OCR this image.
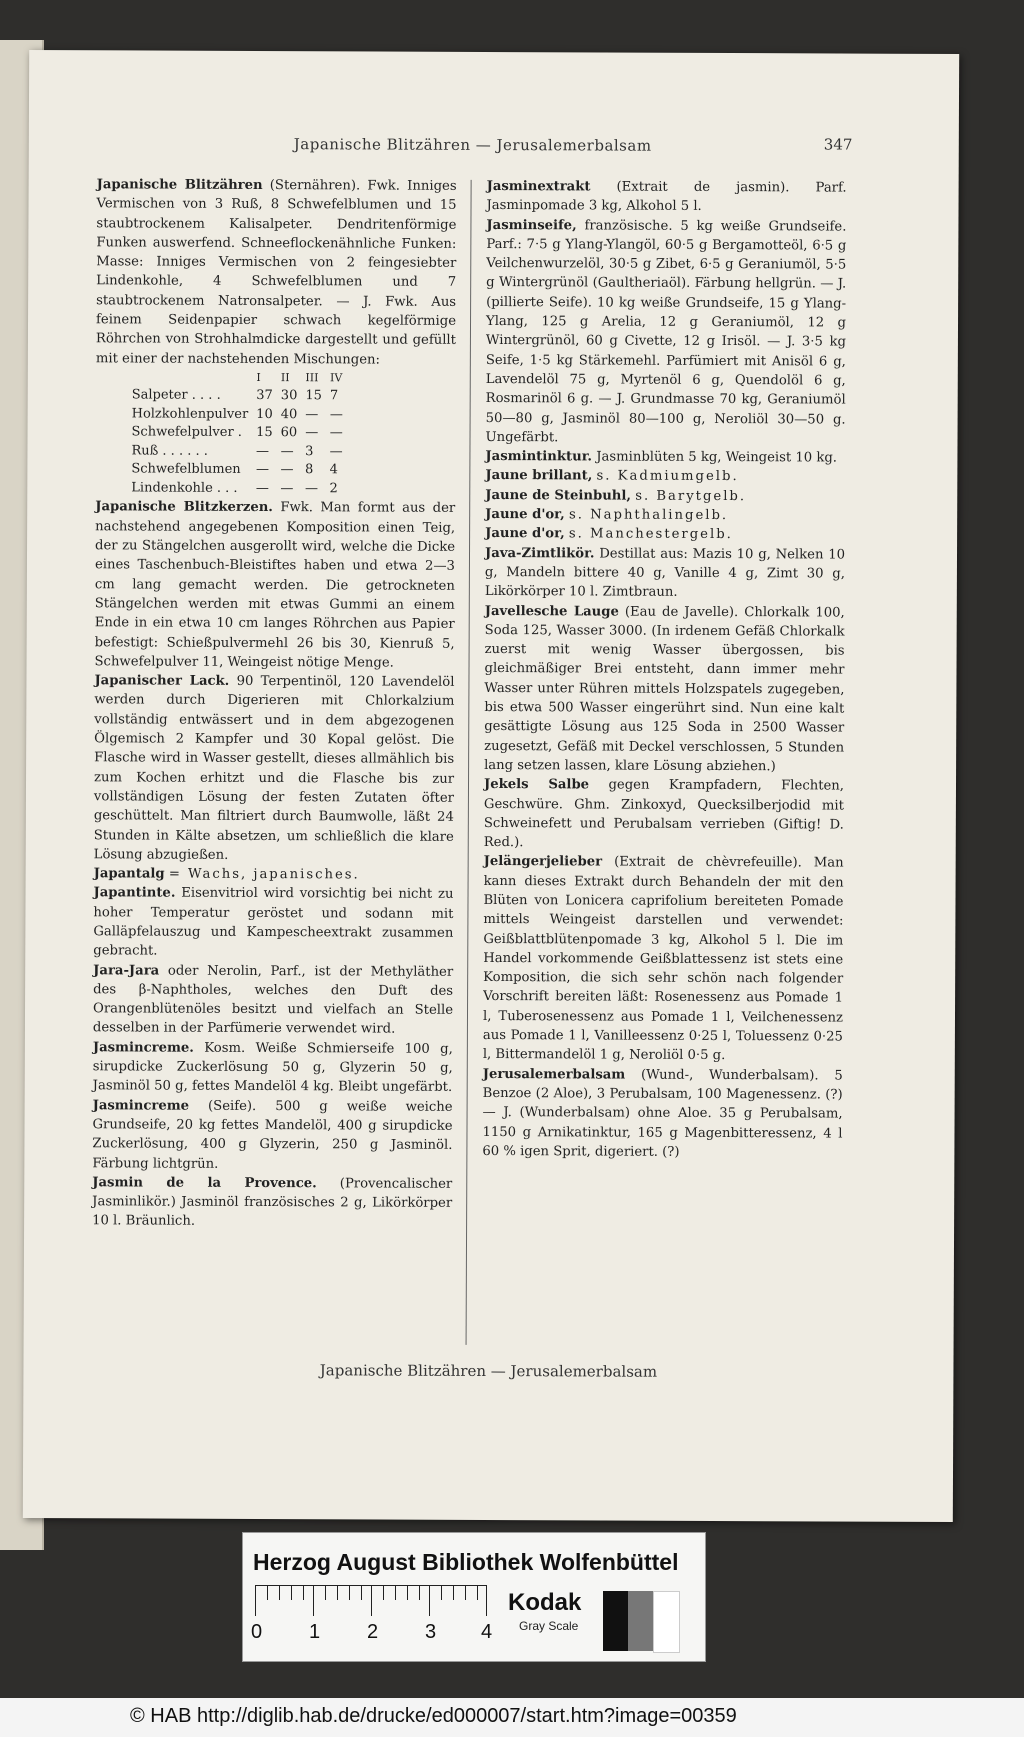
Japanische Blitzähren — Jerusalemerbalsam	347

Japanische Blitzähren (Sternähren). Fwk. Inniges Vermischen von 3 Ruß, 8 Schwefelblumen und 15 staubtrockenem Kalisalpeter. Dendritenförmige Funken auswerfend. Schneeflockenähnliche Funken: Masse: Inniges Vermischen von 2 feingesiebter Lindenkohle, 4 Schwefelblumen und 7 staubtrockenem Natronsalpeter. — J. Fwk. Aus feinem Seidenpapier schwach kegelförmige Röhrchen von Strohhalmdicke dargestellt und gefüllt mit einer der nachstehenden Mischungen:

	I	II	III	IV
Salpeter . . . .	37	30	15	7
Holzkohlenpulver	10	40	—	—
Schwefelpulver .	15	60	—	—
Ruß . . . . . .	—	—	3	—
Schwefelblumen	—	—	8	4
Lindenkohle . . .	—	—	—	2

Japanische Blitzkerzen. Fwk. Man formt aus der nachstehend angegebenen Komposition einen Teig, der zu Stängelchen ausgerollt wird, welche die Dicke eines Taschenbuch-Bleistiftes haben und etwa 2—3 cm lang gemacht werden. Die getrockneten Stängelchen werden mit etwas Gummi an einem Ende in ein etwa 10 cm langes Röhrchen aus Papier befestigt: Schießpulvermehl 26 bis 30, Kienruß 5, Schwefelpulver 11, Weingeist nötige Menge.

Japanischer Lack. 90 Terpentinöl, 120 Lavendelöl werden durch Digerieren mit Chlorkalzium vollständig entwässert und in dem abgezogenen Ölgemisch 2 Kampfer und 30 Kopal gelöst. Die Flasche wird in Wasser gestellt, dieses allmählich bis zum Kochen erhitzt und die Flasche bis zur vollständigen Lösung der festen Zutaten öfter geschüttelt. Man filtriert durch Baumwolle, läßt 24 Stunden in Kälte absetzen, um schließlich die klare Lösung abzugießen.

Japantalg = Wachs, japanisches.

Japantinte. Eisenvitriol wird vorsichtig bei nicht zu hoher Temperatur geröstet und sodann mit Galläpfelauszug und Kampescheextrakt zusammen gebracht.

Jara-Jara oder Nerolin, Parf., ist der Methyläther des β-Naphtholes, welches den Duft des Orangenblütenöles besitzt und vielfach an Stelle desselben in der Parfümerie verwendet wird.

Jasmincreme. Kosm. Weiße Schmierseife 100 g, sirupdicke Zuckerlösung 50 g, Glyzerin 50 g, Jasminöl 50 g, fettes Mandelöl 4 kg. Bleibt ungefärbt.

Jasmincreme (Seife). 500 g weiße weiche Grundseife, 20 kg fettes Mandelöl, 400 g sirupdicke Zuckerlösung, 400 g Glyzerin, 250 g Jasminöl. Färbung lichtgrün.

Jasmin de la Provence. (Provencalischer Jasminlikör.) Jasminöl französisches 2 g, Likörkörper 10 l. Bräunlich.

Jasminextrakt (Extrait de jasmin). Parf. Jasminpomade 3 kg, Alkohol 5 l.

Jasminseife, französische. 5 kg weiße Grundseife. Parf.: 7·5 g Ylang-Ylangöl, 60·5 g Bergamotteöl, 6·5 g Veilchenwurzelöl, 30·5 g Zibet, 6·5 g Geraniumöl, 5·5 g Wintergrünöl (Gaultheriaöl). Färbung hellgrün. — J. (pillierte Seife). 10 kg weiße Grundseife, 15 g Ylang-Ylang, 125 g Arelia, 12 g Geraniumöl, 12 g Wintergrünöl, 60 g Civette, 12 g Irisöl. — J. 3·5 kg Seife, 1·5 kg Stärkemehl. Parfümiert mit Anisöl 6 g, Lavendelöl 75 g, Myrtenöl 6 g, Quendolöl 6 g, Rosmarinöl 6 g. — J. Grundmasse 70 kg, Geraniumöl 50—80 g, Jasminöl 80—100 g, Neroliöl 30—50 g. Ungefärbt.

Jasmintinktur. Jasminblüten 5 kg, Weingeist 10 kg.

Jaune brillant, s. Kadmiumgelb.

Jaune de Steinbuhl, s. Barytgelb.

Jaune d'or, s. Naphthalingelb.

Jaune d'or, s. Manchestergelb.

Java-Zimtlikör. Destillat aus: Mazis 10 g, Nelken 10 g, Mandeln bittere 40 g, Vanille 4 g, Zimt 30 g, Likörkörper 10 l. Zimtbraun.

Javellesche Lauge (Eau de Javelle). Chlorkalk 100, Soda 125, Wasser 3000. (In irdenem Gefäß Chlorkalk zuerst mit wenig Wasser übergossen, bis gleichmäßiger Brei entsteht, dann immer mehr Wasser unter Rühren mittels Holzspatels zugegeben, bis etwa 500 Wasser eingerührt sind. Nun eine kalt gesättigte Lösung aus 125 Soda in 2500 Wasser zugesetzt, Gefäß mit Deckel verschlossen, 5 Stunden lang setzen lassen, klare Lösung abziehen.)

Jekels Salbe gegen Krampfadern, Flechten, Geschwüre. Ghm. Zinkoxyd, Quecksilberjodid mit Schweinefett und Perubalsam verrieben (Giftig! D. Red.).

Jelängerjelieber (Extrait de chèvrefeuille). Man kann dieses Extrakt durch Behandeln der mit den Blüten von Lonicera caprifolium bereiteten Pomade mittels Weingeist darstellen und verwendet: Geißblattblütenpomade 3 kg, Alkohol 5 l. Die im Handel vorkommende Geißblattessenz ist stets eine Komposition, die sich sehr schön nach folgender Vorschrift bereiten läßt: Rosenessenz aus Pomade 1 l, Tuberosenessenz aus Pomade 1 l, Veilchenessenz aus Pomade 1 l, Vanilleessenz 0·25 l, Toluessenz 0·25 l, Bittermandelöl 1 g, Neroliöl 0·5 g.

Jerusalemerbalsam (Wund-, Wunderbalsam). 5 Benzoe (2 Aloe), 3 Perubalsam, 100 Magenessenz. (?) — J. (Wunderbalsam) ohne Aloe. 35 g Perubalsam, 1150 g Arnikatinktur, 165 g Magenbitteressenz, 4 l 60 % igen Sprit, digeriert. (?)

Japanische Blitzähren — Jerusalemerbalsam
Herzog August Bibliothek Wolfenbüttel
0 1 2 3 4
Kodak
Gray Scale
© HAB http://diglib.hab.de/drucke/ed000007/start.htm?image=00359
